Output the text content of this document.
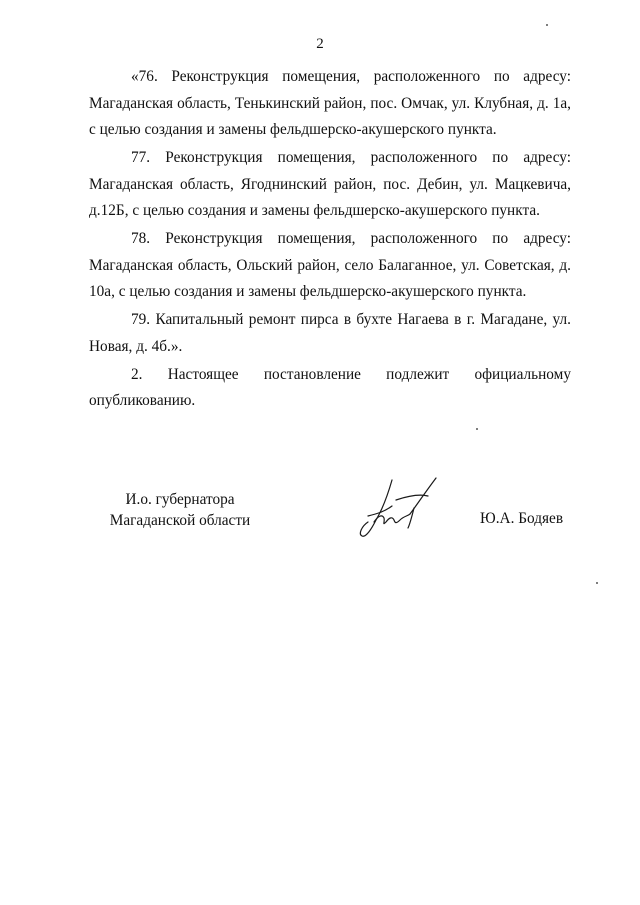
2

«76. Реконструкция помещения, расположенного по адресу: Магаданская область, Тенькинский район, пос. Омчак, ул. Клубная, д. 1а, с целью создания и замены фельдшерско-акушерского пункта.

77. Реконструкция помещения, расположенного по адресу: Магаданская область, Ягоднинский район, пос. Дебин, ул. Мацкевича, д.12Б, с целью создания и замены фельдшерско-акушерского пункта.

78. Реконструкция помещения, расположенного по адресу: Магаданская область, Ольский район, село Балаганное, ул. Советская, д. 10а, с целью создания и замены фельдшерско-акушерского пункта.

79. Капитальный ремонт пирса в бухте Нагаева в г. Магадане, ул. Новая, д. 4б.».

2. Настоящее постановление подлежит официальному опубликованию.

И.о. губернатора
Магаданской области	Ю.А. Бодяев
